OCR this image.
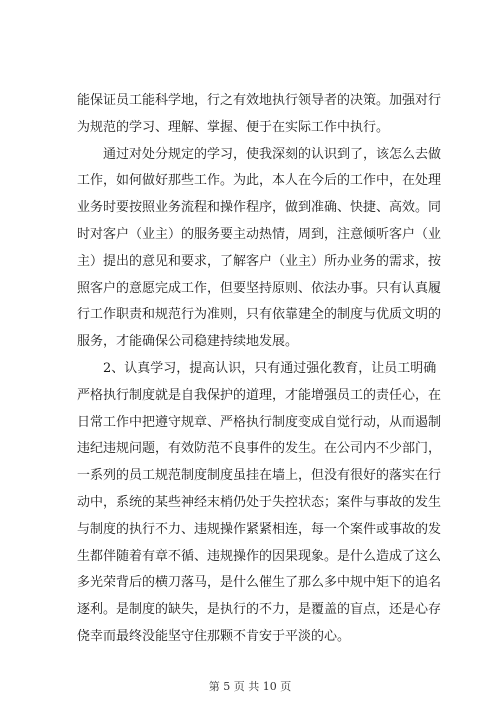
能保证员工能科学地，行之有效地执行领导者的决策。加强对行
为规范的学习、理解、掌握、便于在实际工作中执行。
　　通过对处分规定的学习，使我深刻的认识到了，该怎么去做
工作，如何做好那些工作。为此，本人在今后的工作中，在处理
业务时要按照业务流程和操作程序，做到准确、快捷、高效。同
时对客户（业主）的服务要主动热情，周到，注意倾听客户（业
主）提出的意见和要求，了解客户（业主）所办业务的需求，按
照客户的意愿完成工作，但要坚持原则、依法办事。只有认真履
行工作职责和规范行为准则，只有依靠建全的制度与优质文明的
服务，才能确保公司稳建持续地发展。
　　2、认真学习，提高认识，只有通过强化教育，让员工明确
严格执行制度就是自我保护的道理，才能增强员工的责任心，在
日常工作中把遵守规章、严格执行制度变成自觉行动，从而遏制
违纪违规问题，有效防范不良事件的发生。在公司内不少部门，
一系列的员工规范制度制度虽挂在墙上，但没有很好的落实在行
动中，系统的某些神经末梢仍处于失控状态；案件与事故的发生
与制度的执行不力、违规操作紧紧相连，每一个案件或事故的发
生都伴随着有章不循、违规操作的因果现象。是什么造成了这么
多光荣背后的横刀落马，是什么催生了那么多中规中矩下的追名
逐利。是制度的缺失，是执行的不力，是覆盖的盲点，还是心存
侥幸而最终没能坚守住那颗不肯安于平淡的心。
第 5 页 共 10 页
